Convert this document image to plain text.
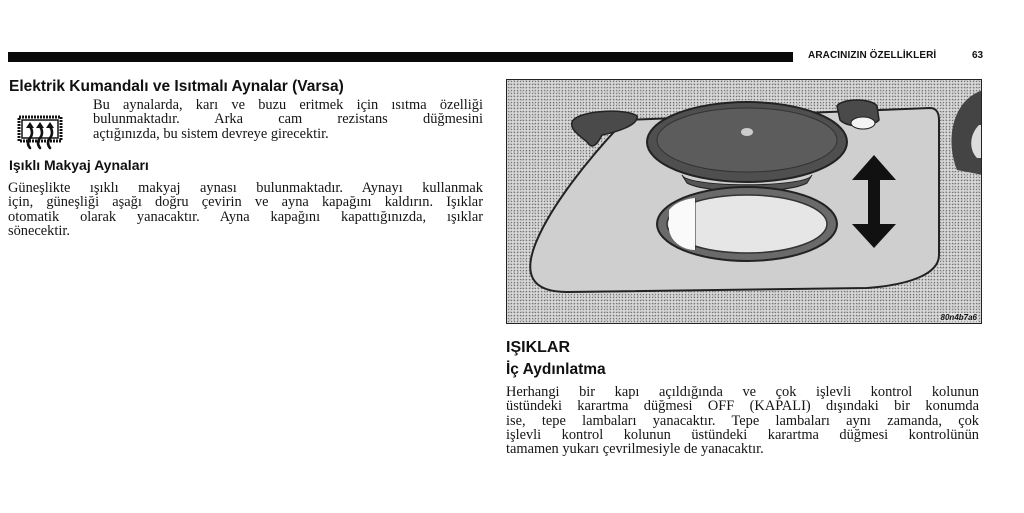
ARACINIZIN ÖZELLİKLERİ	63
Elektrik Kumandalı ve Isıtmalı Aynalar (Varsa)
Bu aynalarda, karı ve buzu eritmek için ısıtma özelliği
bulunmaktadır. Arka cam rezistans düğmesini
açtığınızda, bu sistem devreye girecektir.
Işıklı Makyaj Aynaları
Güneşlikte ışıklı makyaj aynası bulunmaktadır. Aynayı kullanmak
için, güneşliği aşağı doğru çevirin ve ayna kapağını kaldırın. Işıklar
otomatik olarak yanacaktır. Ayna kapağını kapattığınızda, ışıklar
sönecektir.
80n4b7a6
IŞIKLAR
İç Aydınlatma
Herhangi bir kapı açıldığında ve çok işlevli kontrol kolunun
üstündeki karartma düğmesi OFF (KAPALI) dışındaki bir konumda
ise, tepe lambaları yanacaktır. Tepe lambaları aynı zamanda, çok
işlevli kontrol kolunun üstündeki karartma düğmesi kontrolünün
tamamen yukarı çevrilmesiyle de yanacaktır.
